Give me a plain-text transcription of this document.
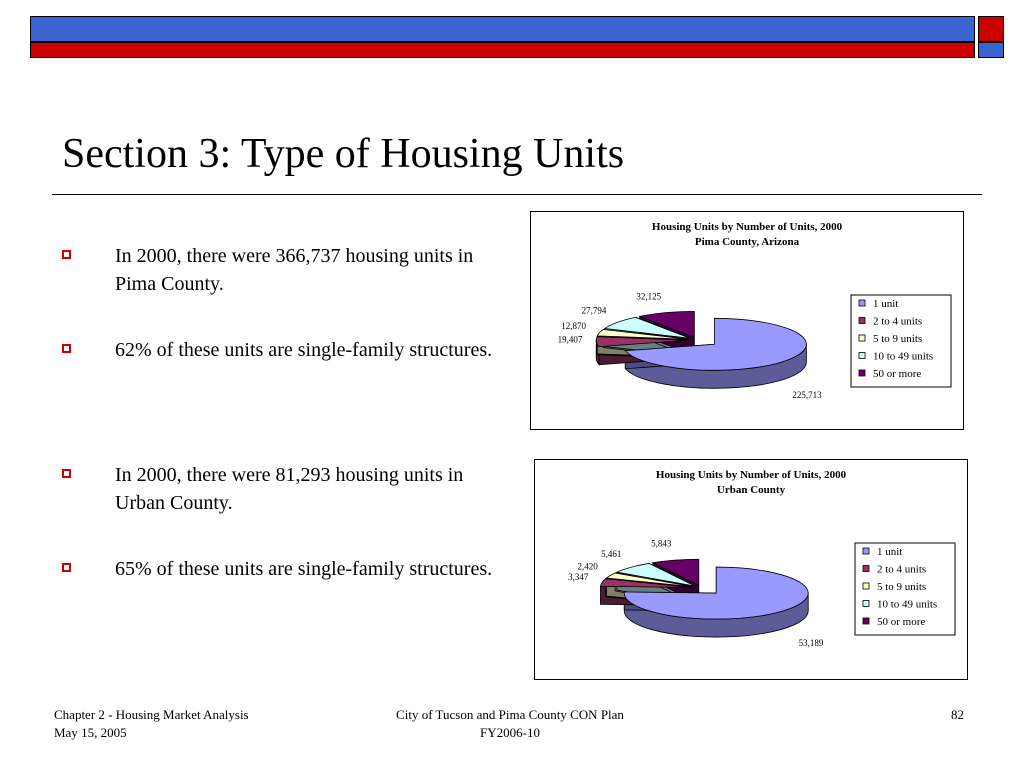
Section 3: Type of Housing Units
In 2000, there were 366,737 housing units in Pima County.
62% of these units are single-family structures.
In 2000, there were 81,293 housing units in Urban County.
65% of these units are single-family structures.
Housing Units by Number of Units, 2000
Pima County, Arizona
225,713
19,407
12,870
27,794
32,125
1 unit
2 to 4 units
5 to 9 units
10 to 49 units
50 or more
Housing Units by Number of Units, 2000
Urban County
53,189
3,347
2,420
5,461
5,843
1 unit
2 to 4 units
5 to 9 units
10 to 49 units
50 or more
Chapter 2 - Housing Market Analysis
May 15, 2005
City of Tucson and Pima County CON Plan
FY2006-10
82
